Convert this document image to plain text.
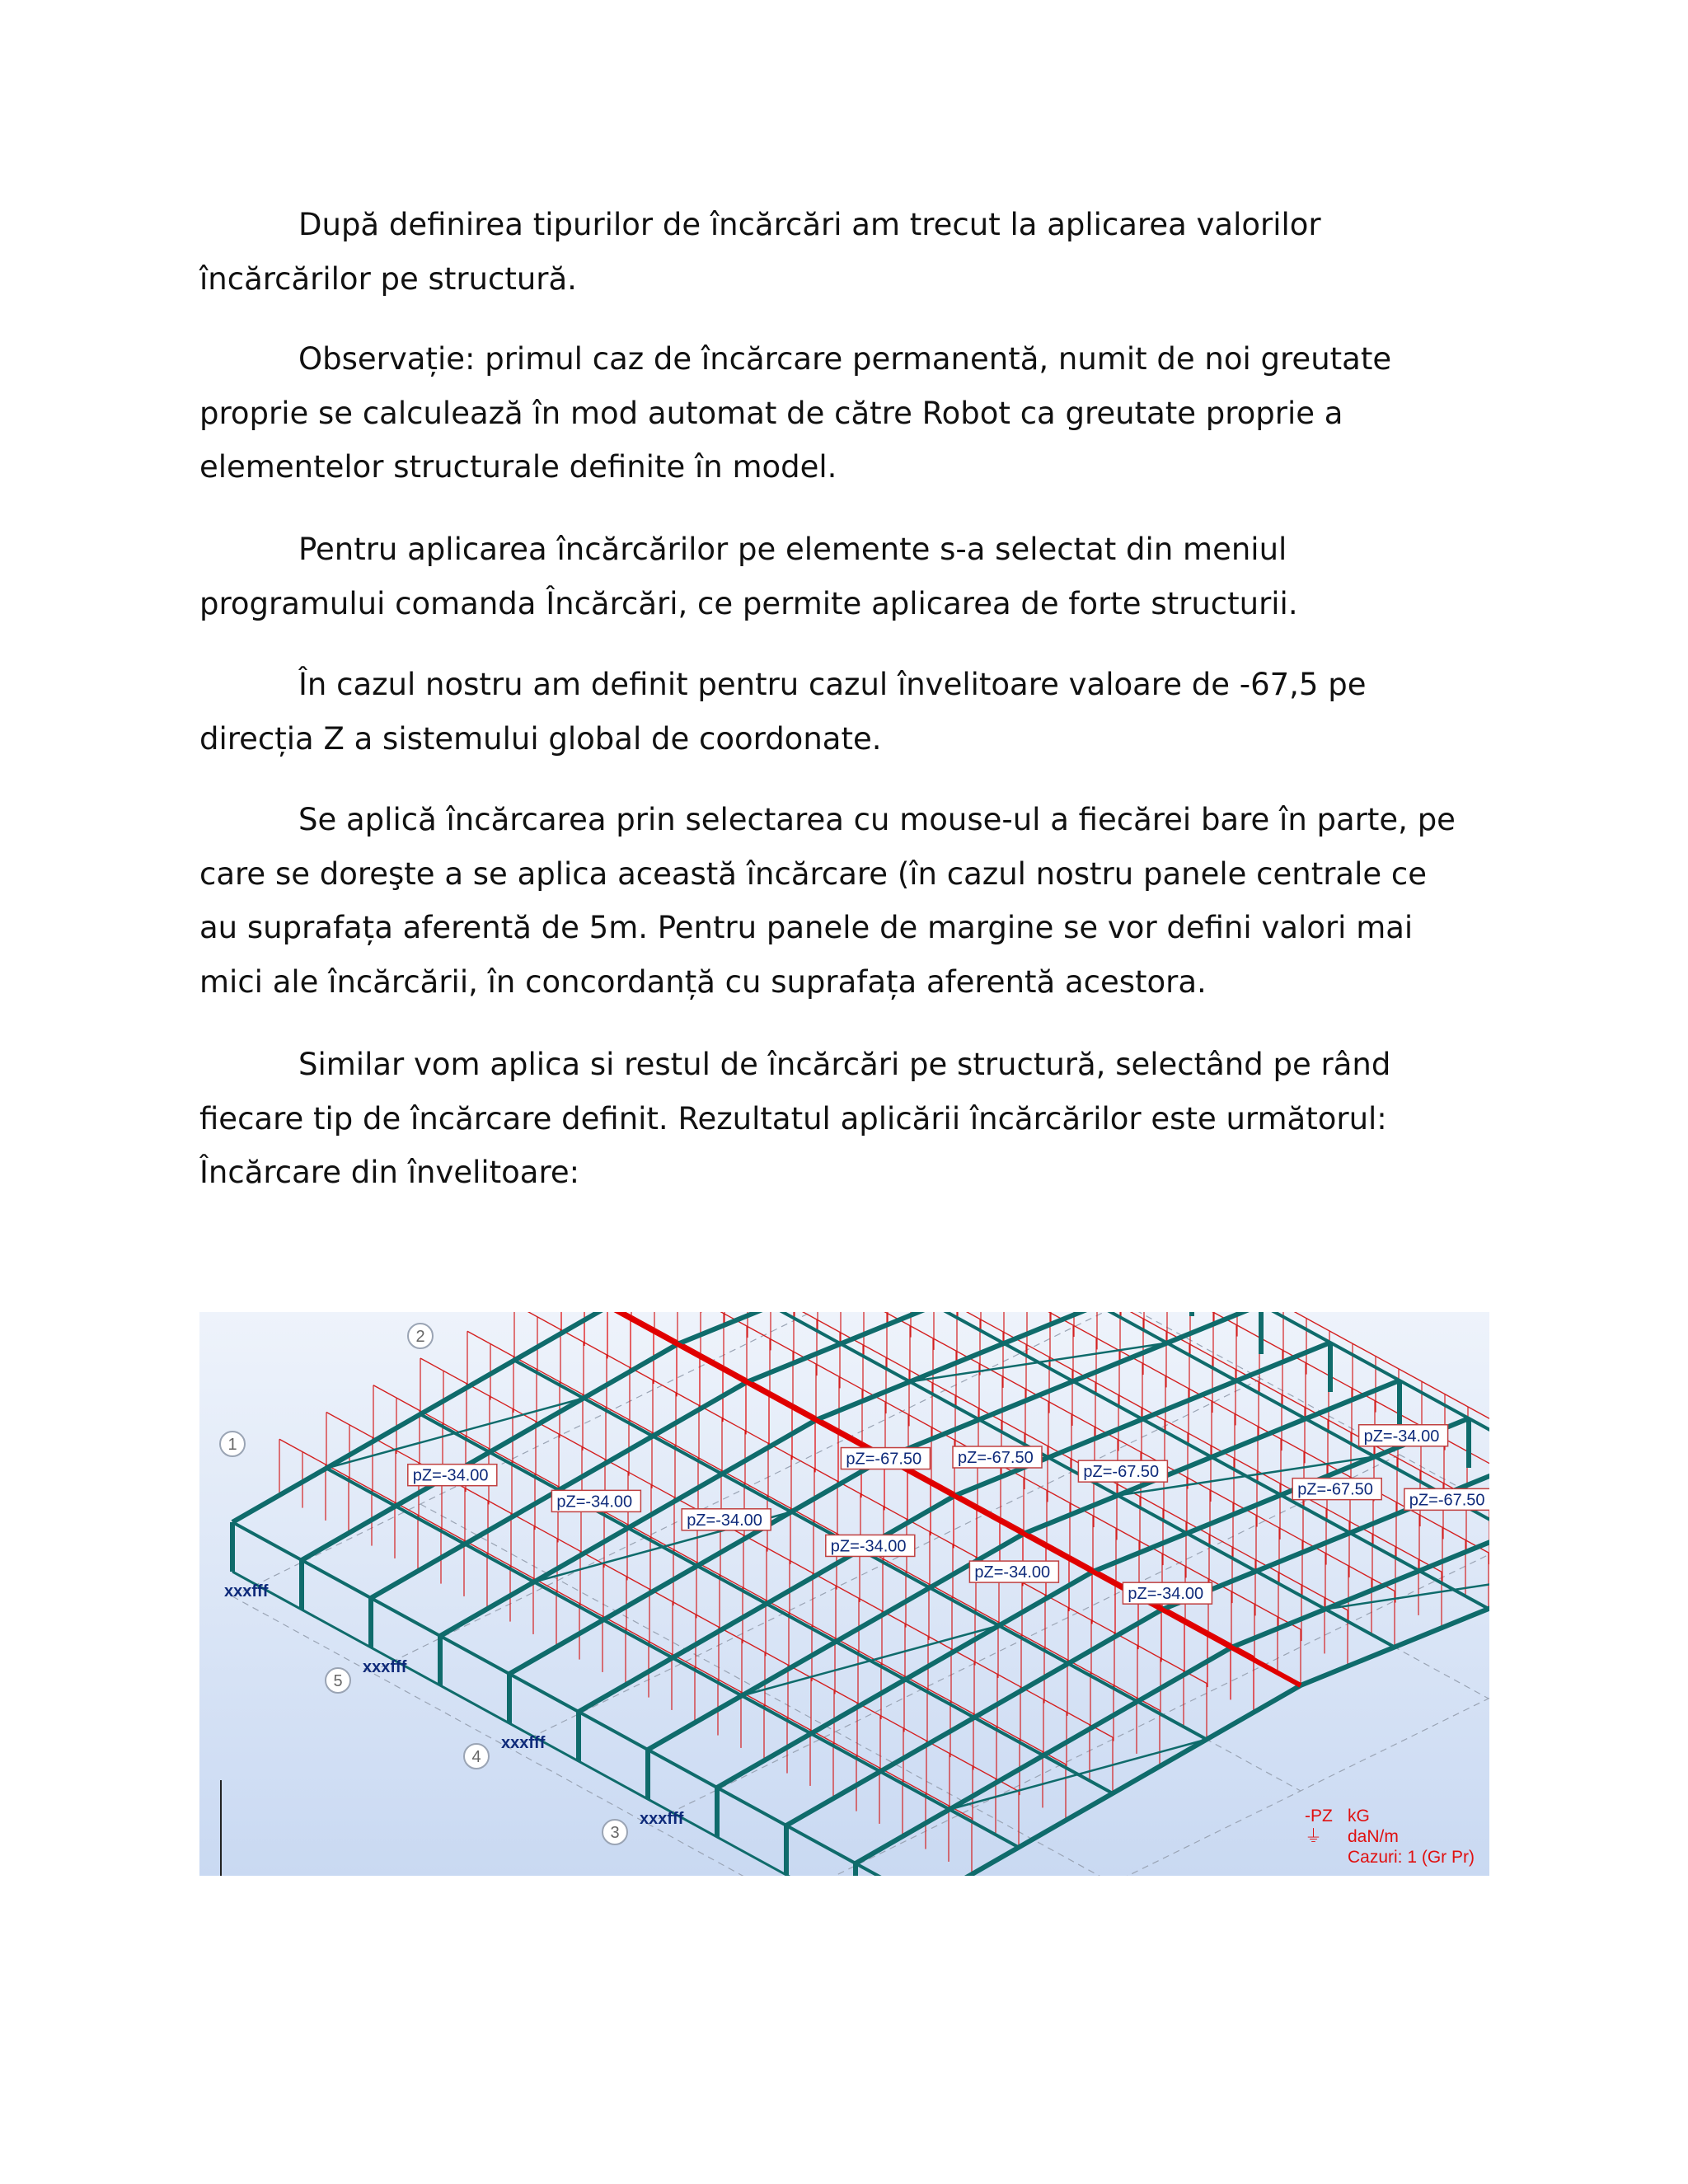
După definirea tipurilor de încărcări am trecut la aplicarea valorilor

încărcărilor pe structură.

Observație: primul caz de încărcare permanentă, numit de noi greutate

proprie se calculează în mod automat de către Robot ca greutate proprie a

elementelor structurale definite în model.

Pentru aplicarea încărcărilor pe elemente s-a selectat din meniul

programului comanda Încărcări, ce permite aplicarea de forte structurii.

În cazul nostru am definit pentru cazul învelitoare valoare de -67,5 pe

direcția Z a sistemului global de coordonate.

Se aplică încărcarea prin selectarea cu mouse-ul a fiecărei bare în parte, pe

care se doreşte a se aplica această încărcare (în cazul nostru panele centrale ce

au suprafața aferentă de 5m. Pentru panele de margine se vor defini valori mai

mici ale încărcării, în concordanță cu suprafața aferentă acestora.

Similar vom aplica si restul de încărcări pe structură, selectând pe rând

fiecare tip de încărcare definit. Rezultatul aplicării încărcărilor este următorul:

Încărcare din învelitoare:

3
4
5
2
1
xxxfff
xxxfff
xxxfff
xxxfff
pZ=-34.00
pZ=-34.00
pZ=-34.00
pZ=-34.00
pZ=-34.00
pZ=-34.00
pZ=-34.00
pZ=-67.50 pZ=-67.50
pZ=-67.50
pZ=-67.50
pZ=-67.50
-PZ kG
⏚ daN/m
Cazuri: 1 (Gr Pr)
